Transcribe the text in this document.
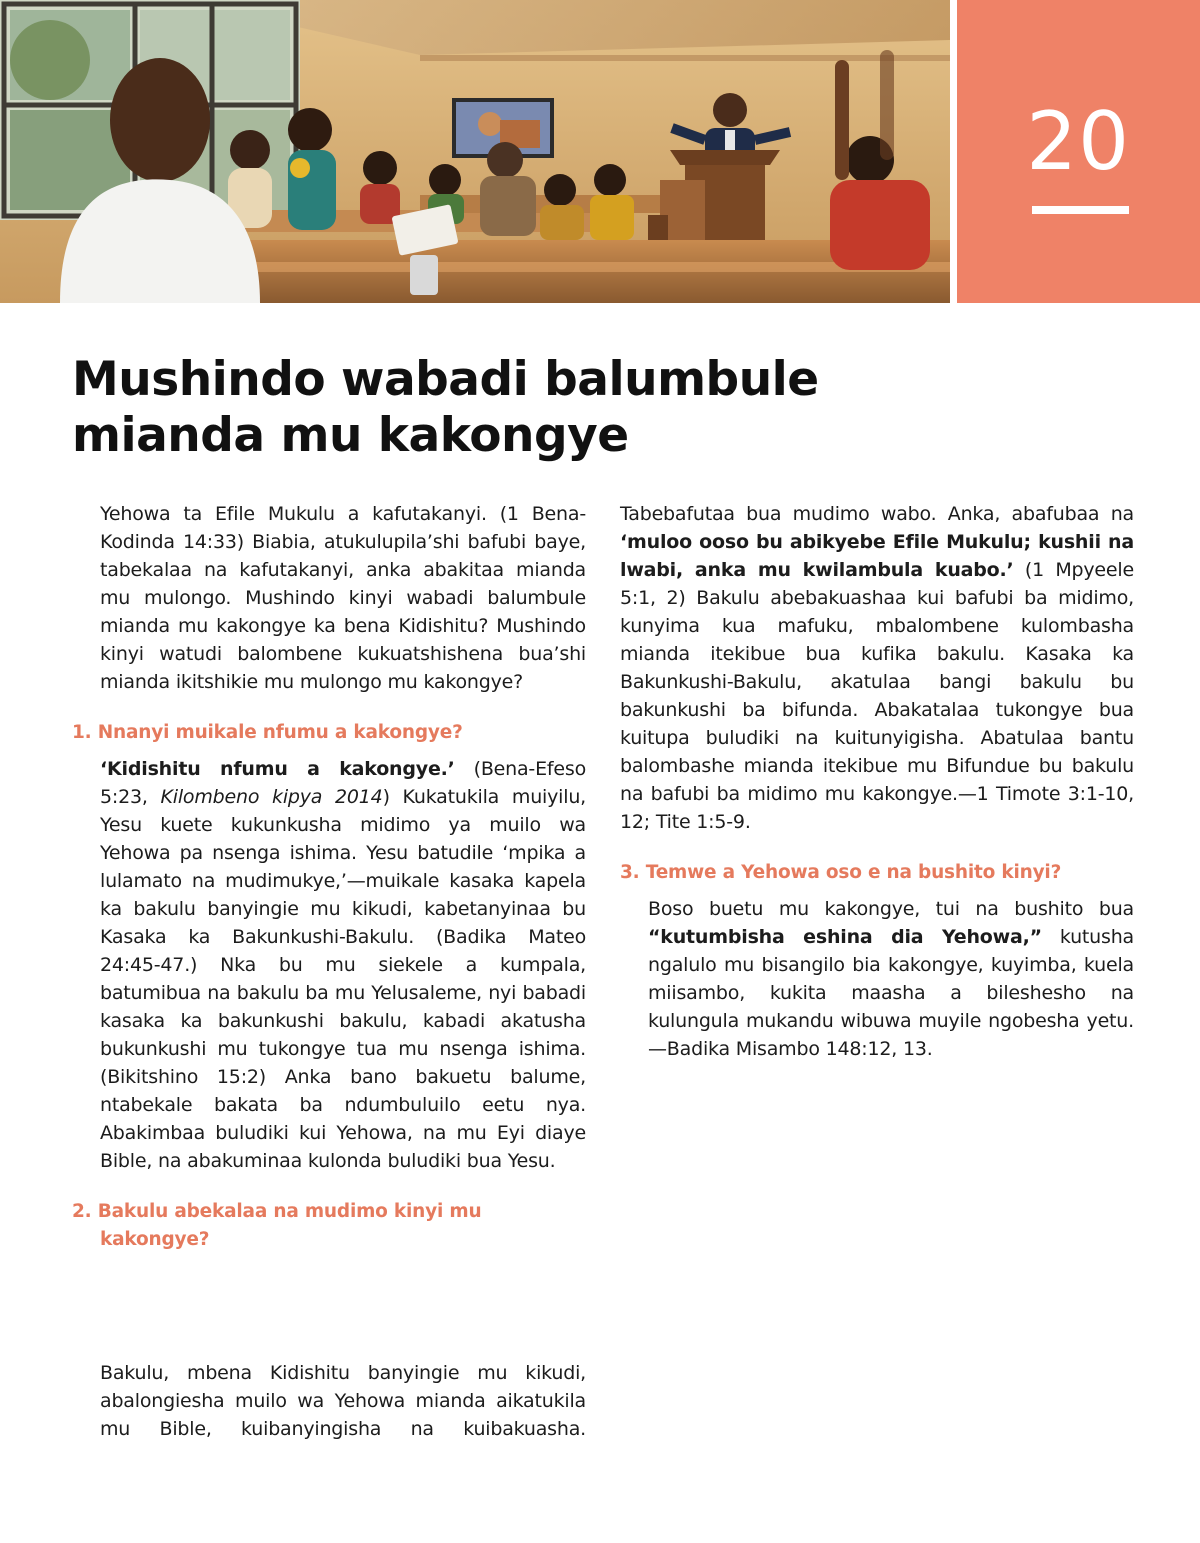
20
Mushindo wabadi balumbule
mianda mu kakongye

Yehowa ta Efile Mukulu a kafutakanyi. (1 Bena-Kodinda 14:33) Biabia, atukulupila’shi bafubi baye, tabekalaa na kafutakanyi, anka abakitaa mianda mu mulongo. Mushindo kinyi wabadi balumbule mianda mu kakongye ka bena Kidishitu? Mushindo kinyi watudi balombene kukuatshishena bua’shi mianda ikitshikie mu mulongo mu kakongye?

1. Nnanyi muikale nfumu a kakongye?

‘Kidishitu nfumu a kakongye.’ (Bena-Efeso 5:23, Kilombeno kipya 2014) Kukatukila muiyilu, Yesu kuete kukunkusha midimo ya muilo wa Yehowa pa nsenga ishima. Yesu batudile ‘mpika a lulamato na mudimukye,’—muikale kasaka kapela ka bakulu banyingie mu kikudi, kabetanyinaa bu Kasaka ka Bakunkushi-Bakulu. (Badika Mateo 24:45-47.) Nka bu mu siekele a kumpala, batumibua na bakulu ba mu Yelusaleme, nyi babadi kasaka ka bakunkushi bakulu, kabadi akatusha bukunkushi mu tukongye tua mu nsenga ishima. (Bikitshino 15:2) Anka bano bakuetu balume, ntabekale bakata ba ndumbuluilo eetu nya. Abakimbaa buludiki kui Yehowa, na mu Eyi diaye Bible, na abakuminaa kulonda buludiki bua Yesu.

2. Bakulu abekalaa na mudimo kinyi mu kakongye?

Bakulu, mbena Kidishitu banyingie mu kikudi, abalongiesha muilo wa Yehowa mianda aikatukila mu Bible, kuibanyingisha na kuibakuasha.

Tabebafutaa bua mudimo wabo. Anka, abafubaa na ‘muloo ooso bu abikyebe Efile Mukulu; kushii na lwabi, anka mu kwilambula kuabo.’ (1 Mpyeele 5:1, 2) Bakulu abebakuashaa kui bafubi ba midimo, kunyima kua mafuku, mbalombene kulombasha mianda itekibue bua kufika bakulu. Kasaka ka Bakunkushi-Bakulu, akatulaa bangi bakulu bu bakunkushi ba bifunda. Abakatalaa tukongye bua kuitupa buludiki na kuitunyigisha. Abatulaa bantu balombashe mianda itekibue mu Bifundue bu bakulu na bafubi ba midimo mu kakongye.—1 Timote 3:1-10, 12; Tite 1:5-9.

3. Temwe a Yehowa oso e na bushito kinyi?

Boso buetu mu kakongye, tui na bushito bua “kutumbisha eshina dia Yehowa,” kutusha ngalulo mu bisangilo bia kakongye, kuyimba, kuela miisambo, kukita maasha a bileshesho na kulungula mukandu wibuwa muyile ngobesha yetu.—Badika Misambo 148:12, 13.
